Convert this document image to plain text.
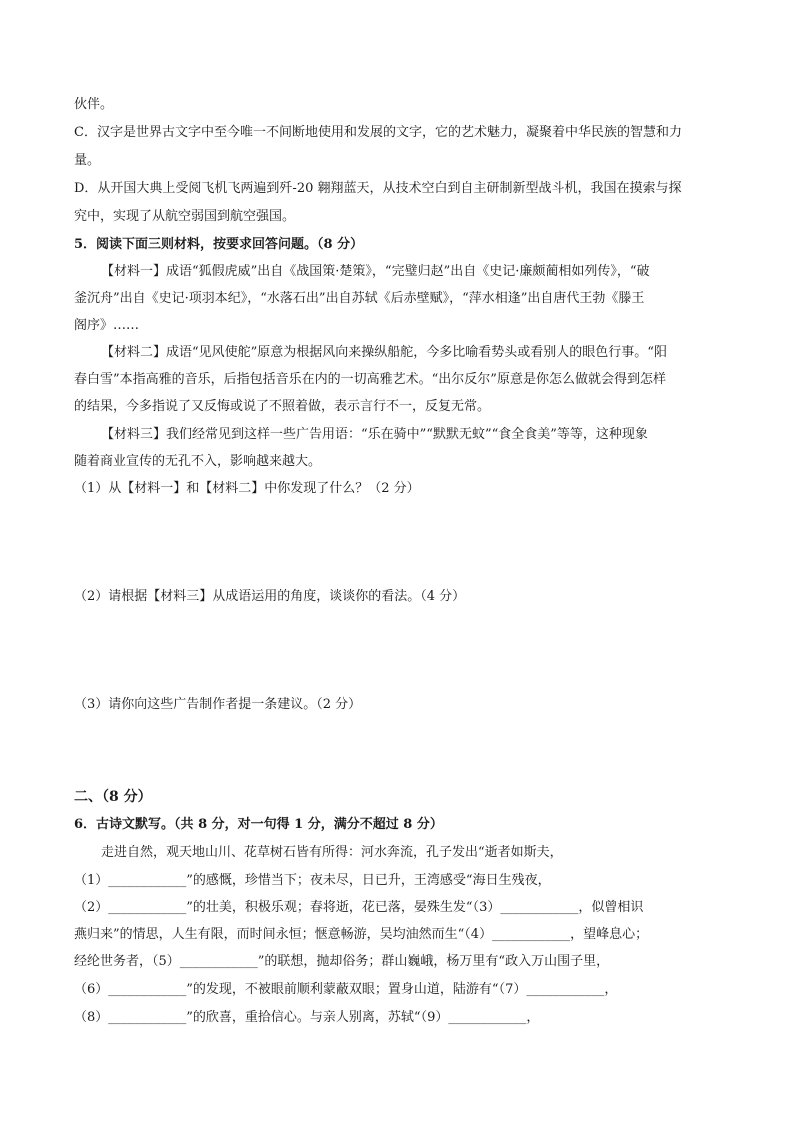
伙伴。
C．汉字是世界古文字中至今唯一不间断地使用和发展的文字，它的艺术魅力，凝聚着中华民族的智慧和力
量。
D．从开国大典上受阅飞机飞两遍到歼-20 翱翔蓝天，从技术空白到自主研制新型战斗机，我国在摸索与探
究中，实现了从航空弱国到航空强国。
5．阅读下面三则材料，按要求回答问题。（8 分）
【材料一】成语“狐假虎威”出自《战国策·楚策》，“完璧归赵”出自《史记·廉颇蔺相如列传》，“破
釜沉舟”出自《史记·项羽本纪》，“水落石出”出自苏轼《后赤壁赋》，“萍水相逢”出自唐代王勃《滕王
阁序》……
【材料二】成语“见风使舵”原意为根据风向来操纵船舵，今多比喻看势头或看别人的眼色行事。“阳
春白雪”本指高雅的音乐，后指包括音乐在内的一切高雅艺术。“出尔反尔”原意是你怎么做就会得到怎样
的结果，今多指说了又反悔或说了不照着做，表示言行不一，反复无常。
【材料三】我们经常见到这样一些广告用语：“乐在骑中”“默默无蚊”“食全食美”等等，这种现象
随着商业宣传的无孔不入，影响越来越大。
（1）从【材料一】和【材料二】中你发现了什么？（2 分）
（2）请根据【材料三】从成语运用的角度，谈谈你的看法。（4 分）
（3）请你向这些广告制作者提一条建议。（2 分）
二、（8 分）
6．古诗文默写。（共 8 分，对一句得 1 分，满分不超过 8 分）
走进自然，观天地山川、花草树石皆有所得：河水奔流，孔子发出“逝者如斯夫，
（1）____________”的感慨，珍惜当下；夜未尽，日已升，王湾感受“海日生残夜，
（2）____________”的壮美，积极乐观；春将逝，花已落，晏殊生发“（3）____________，似曾相识
燕归来”的情思，人生有限，而时间永恒；惬意畅游，吴均油然而生“（4）____________，望峰息心；
经纶世务者，（5）____________”的联想，抛却俗务；群山巍峨，杨万里有“政入万山围子里，
（6）____________”的发现，不被眼前顺利蒙蔽双眼；置身山道，陆游有“（7）____________，
（8）____________”的欣喜，重拾信心。与亲人别离，苏轼“（9）____________，
